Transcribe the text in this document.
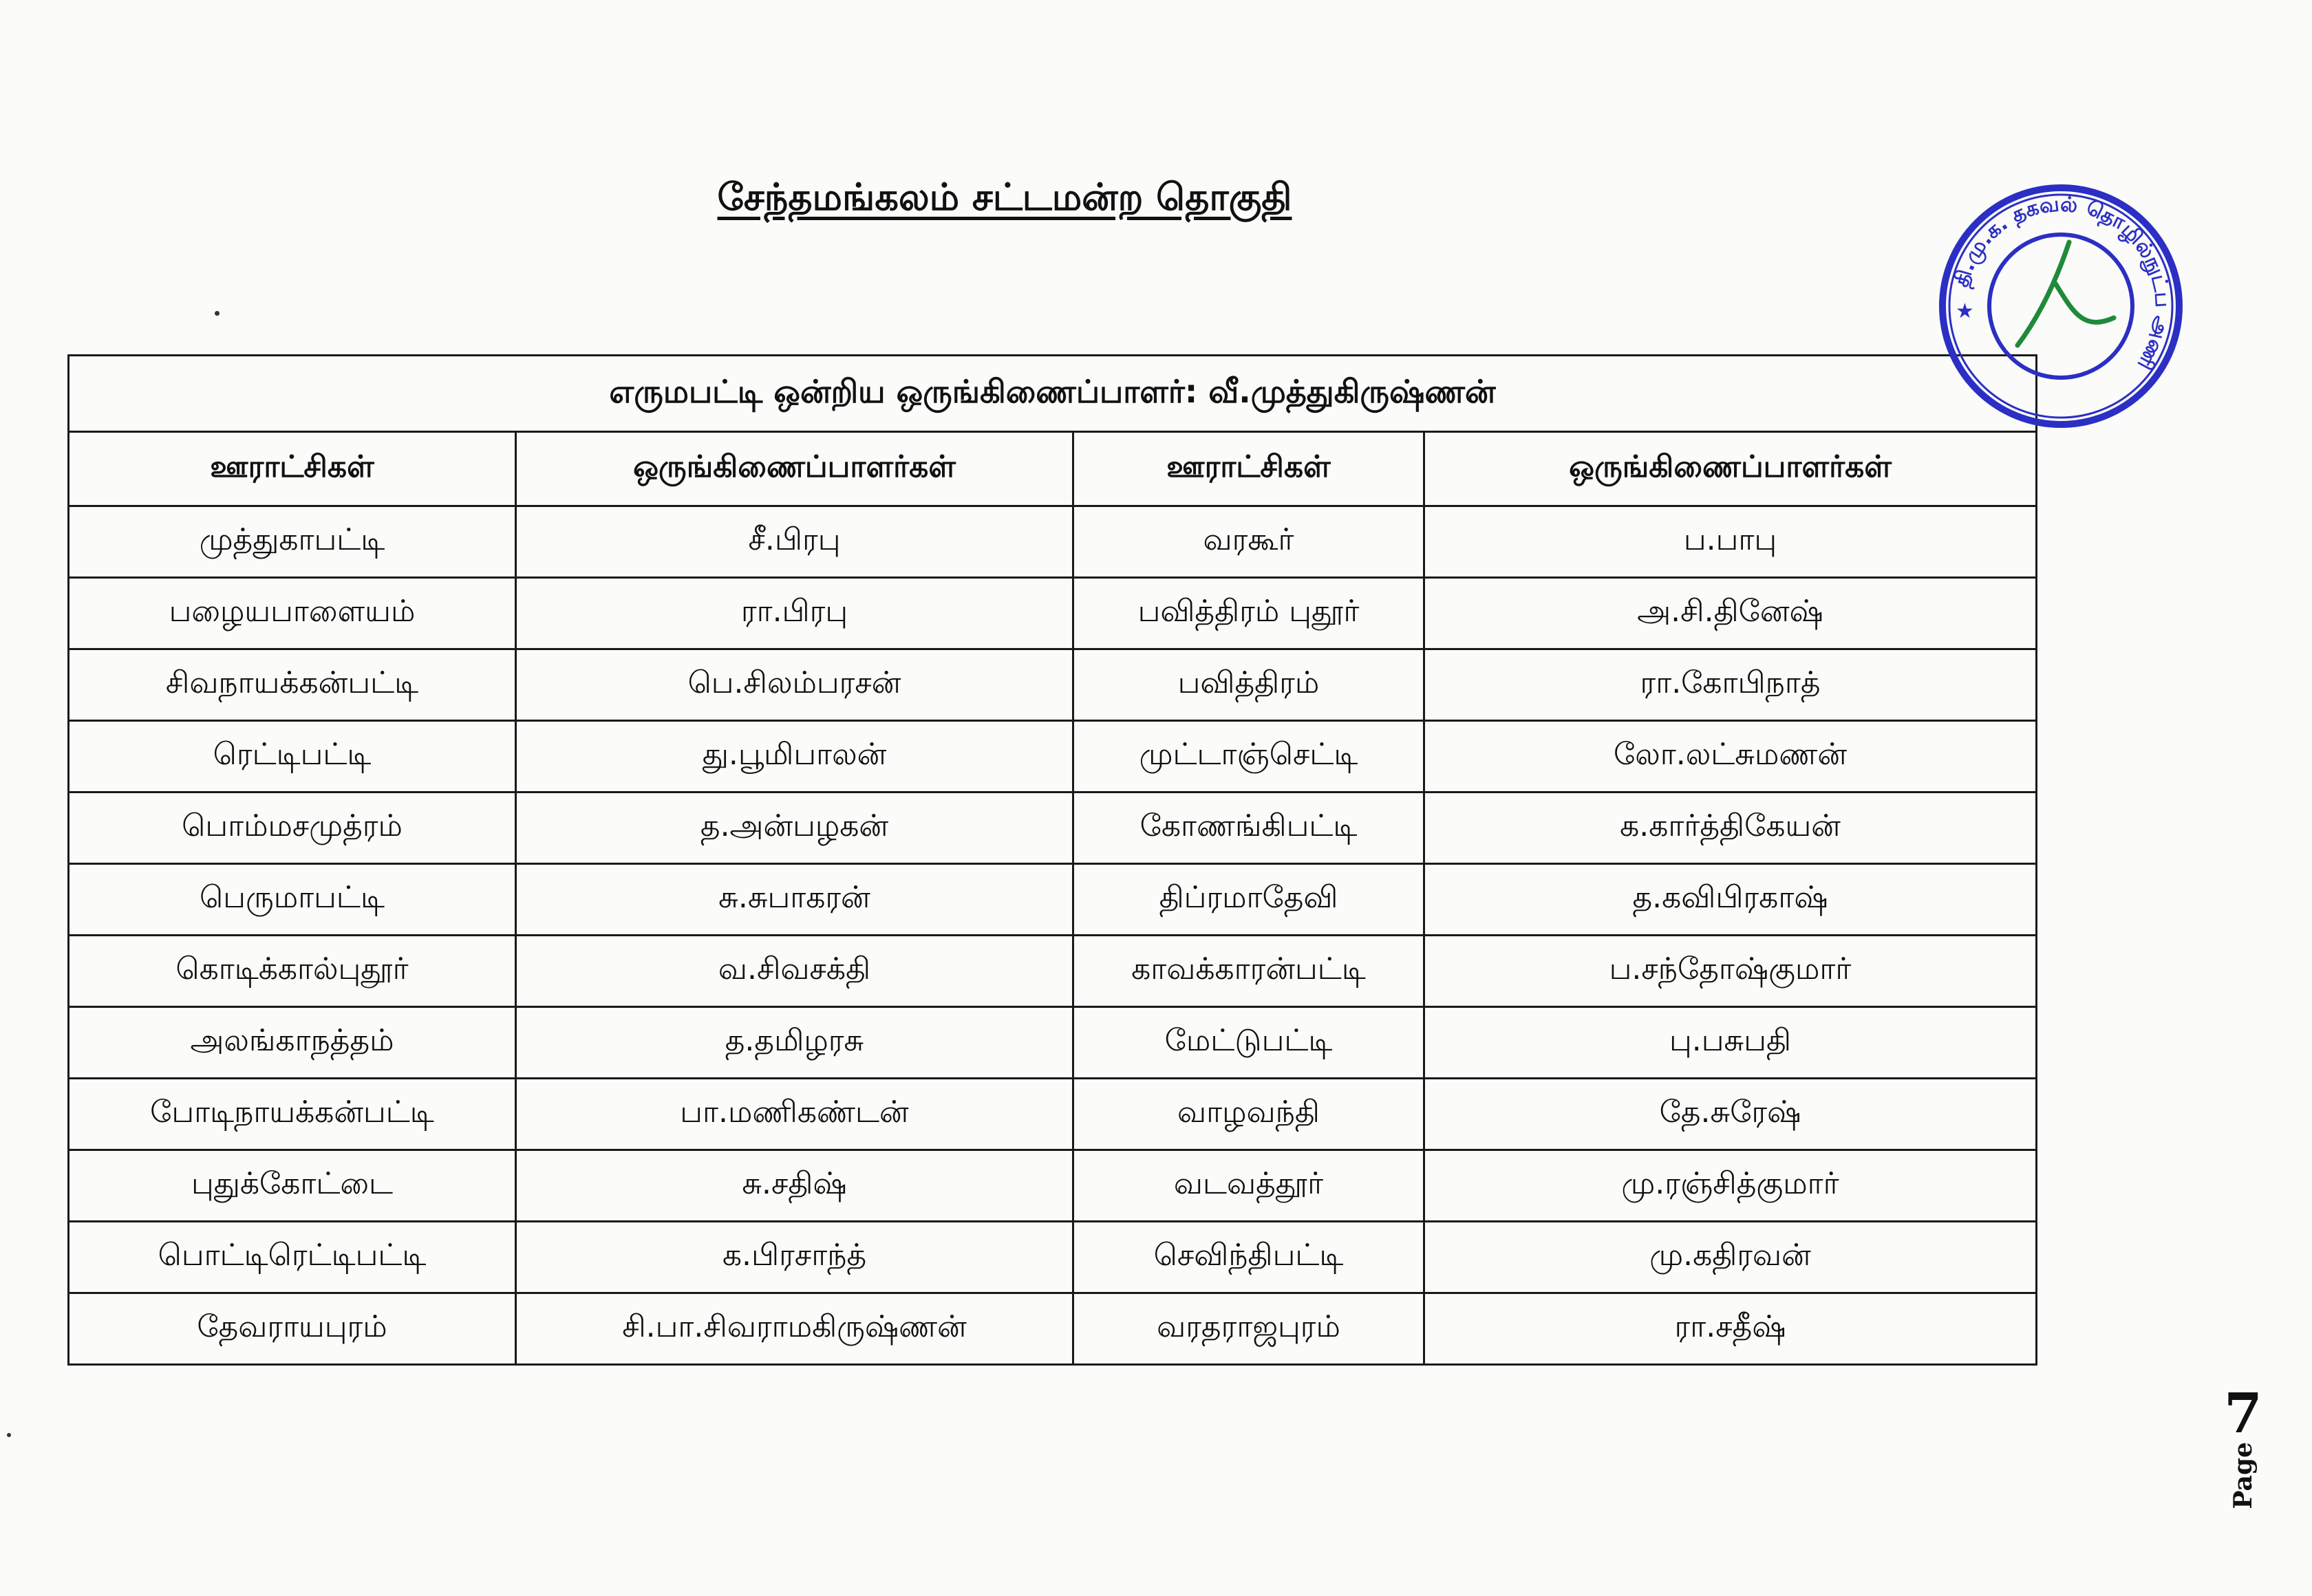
சேந்தமங்கலம் சட்டமன்ற தொகுதி
எருமபட்டி ஒன்றிய ஒருங்கிணைப்பாளர்: வீ.முத்துகிருஷ்ணன்			
ஊராட்சிகள்	ஒருங்கிணைப்பாளர்கள்	ஊராட்சிகள்	ஒருங்கிணைப்பாளர்கள்
முத்துகாபட்டி	சீ.பிரபு	வரகூர்	ப.பாபு
பழையபாளையம்	ரா.பிரபு	பவித்திரம் புதூர்	அ.சி.தினேஷ்
சிவநாயக்கன்பட்டி	பெ.சிலம்பரசன்	பவித்திரம்	ரா.கோபிநாத்
ரெட்டிபட்டி	து.பூமிபாலன்	முட்டாஞ்செட்டி	லோ.லட்சுமணன்
பொம்மசமுத்ரம்	த.அன்பழகன்	கோணங்கிபட்டி	க.கார்த்திகேயன்
பெருமாபட்டி	சு.சுபாகரன்	திப்ரமாதேவி	த.கவிபிரகாஷ்
கொடிக்கால்புதூர்	வ.சிவசக்தி	காவக்காரன்பட்டி	ப.சந்தோஷ்குமார்
அலங்காநத்தம்	த.தமிழரசு	மேட்டுபட்டி	பு.பசுபதி
போடிநாயக்கன்பட்டி	பா.மணிகண்டன்	வாழவந்தி	தே.சுரேஷ்
புதுக்கோட்டை	சு.சதிஷ்	வடவத்தூர்	மு.ரஞ்சித்குமார்
பொட்டிரெட்டிபட்டி	க.பிரசாந்த்	செவிந்திபட்டி	மு.கதிரவன்
தேவராயபுரம்	சி.பா.சிவராமகிருஷ்ணன்	வரதராஜபுரம்	ரா.சதீஷ்
தி.மு.க. தகவல் தொழில்நுட்ப அணி
★
Page
7
